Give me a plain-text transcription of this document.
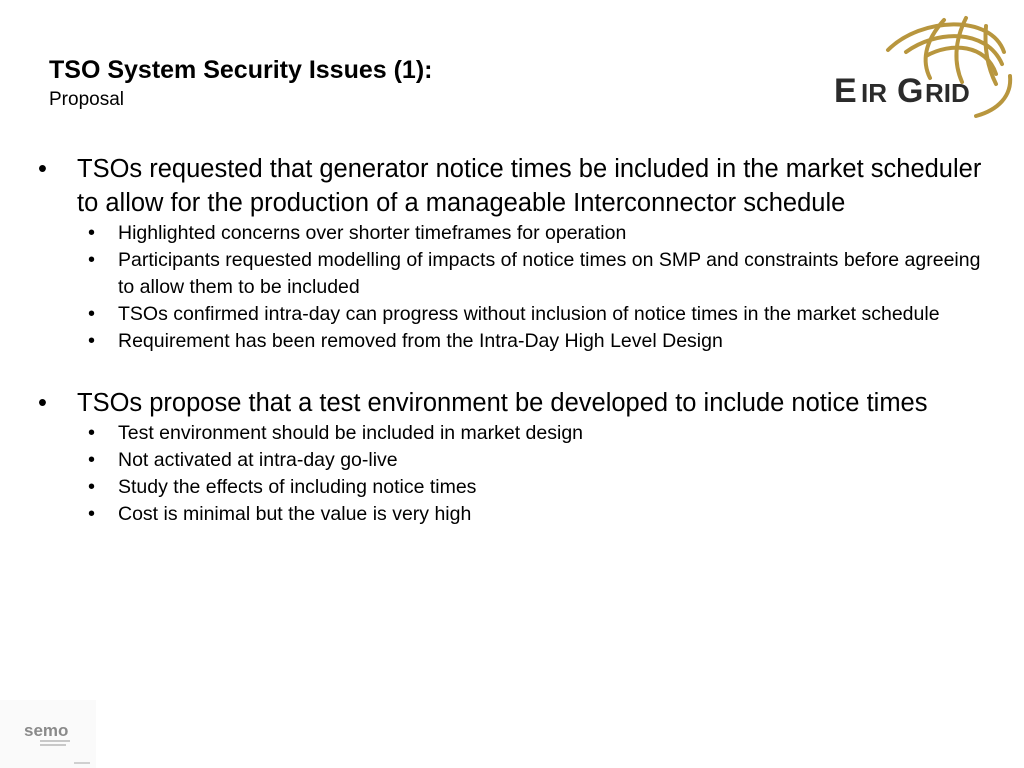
TSO System Security Issues (1):
Proposal	E IR G RID
semo

• TSOs requested that generator notice times be included in the market scheduler to allow for the production of a manageable Interconnector schedule

• Highlighted concerns over shorter timeframes for operation

• Participants requested modelling of impacts of notice times on SMP and constraints before agreeing to allow them to be included

• TSOs confirmed intra-day can progress without inclusion of notice times in the market schedule

• Requirement has been removed from the Intra-Day High Level Design

• TSOs propose that a test environment be developed to include notice times

• Test environment should be included in market design

• Not activated at intra-day go-live

• Study the effects of including notice times

• Cost is minimal but the value is very high
